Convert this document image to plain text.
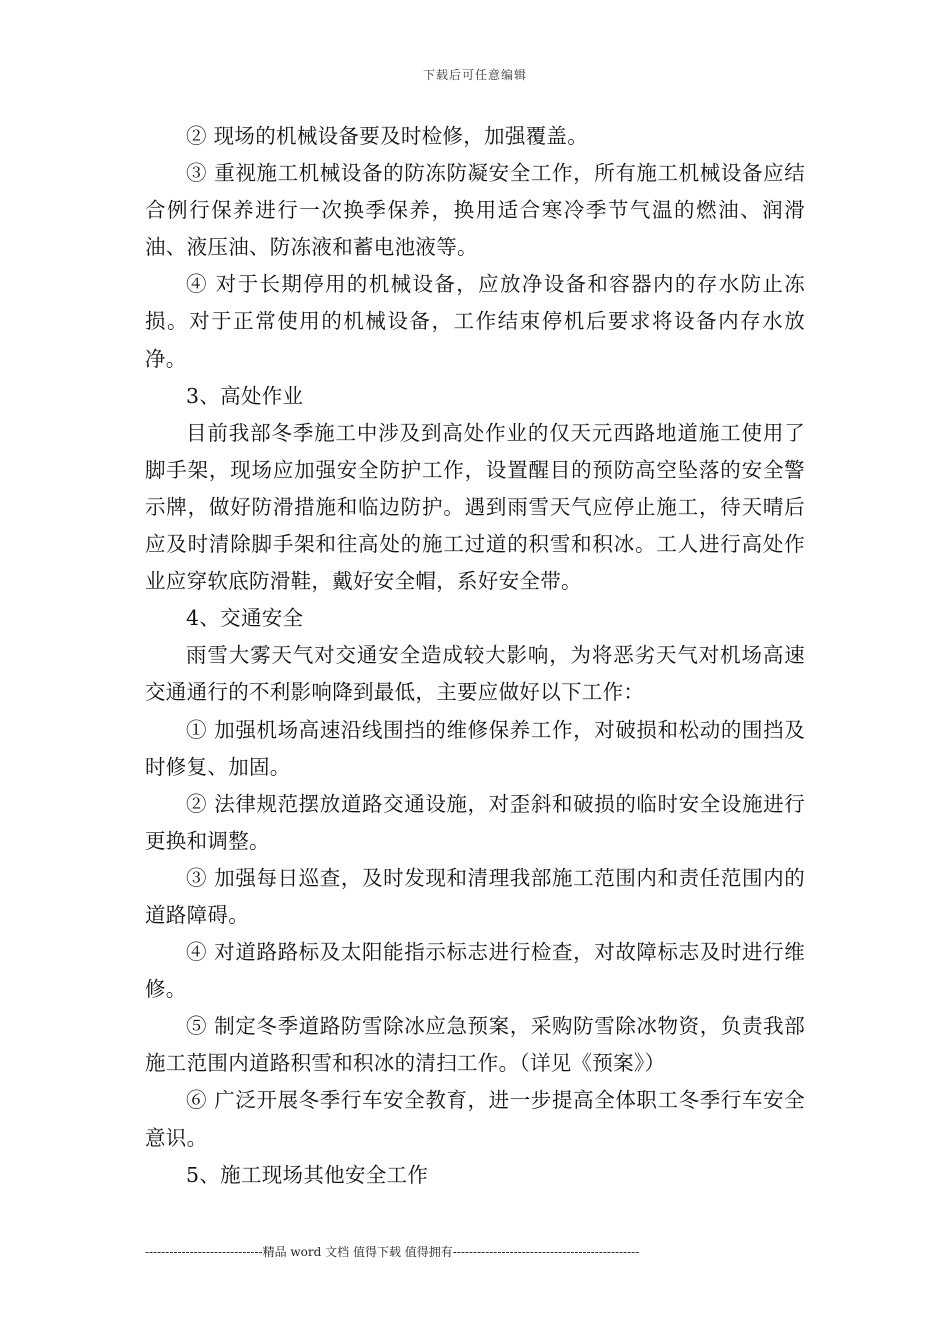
下载后可任意编辑

② 现场的机械设备要及时检修，加强覆盖。

③ 重视施工机械设备的防冻防凝安全工作，所有施工机械设备应结合例行保养进行一次换季保养，换用适合寒冷季节气温的燃油、润滑油、液压油、防冻液和蓄电池液等。

④ 对于长期停用的机械设备，应放净设备和容器内的存水防止冻损。对于正常使用的机械设备，工作结束停机后要求将设备内存水放净。

3、高处作业

目前我部冬季施工中涉及到高处作业的仅天元西路地道施工使用了脚手架，现场应加强安全防护工作，设置醒目的预防高空坠落的安全警示牌，做好防滑措施和临边防护。遇到雨雪天气应停止施工，待天晴后应及时清除脚手架和往高处的施工过道的积雪和积冰。工人进行高处作业应穿软底防滑鞋，戴好安全帽，系好安全带。

4、交通安全

雨雪大雾天气对交通安全造成较大影响，为将恶劣天气对机场高速交通通行的不利影响降到最低，主要应做好以下工作：

① 加强机场高速沿线围挡的维修保养工作，对破损和松动的围挡及时修复、加固。

② 法律规范摆放道路交通设施，对歪斜和破损的临时安全设施进行更换和调整。

③ 加强每日巡查，及时发现和清理我部施工范围内和责任范围内的道路障碍。

④ 对道路路标及太阳能指示标志进行检查，对故障标志及时进行维修。

⑤ 制定冬季道路防雪除冰应急预案，采购防雪除冰物资，负责我部施工范围内道路积雪和积冰的清扫工作。（详见《预案》）

⑥ 广泛开展冬季行车安全教育，进一步提高全体职工冬季行车安全意识。

5、施工现场其他安全工作

-----------------------------精品 word 文档 值得下载 值得拥有----------------------------------------------
